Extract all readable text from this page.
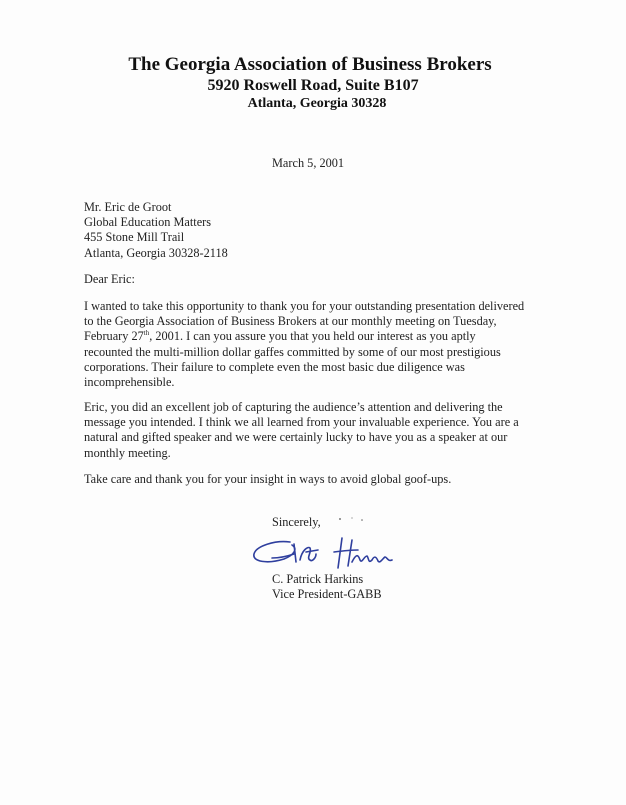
The Georgia Association of Business Brokers
5920 Roswell Road, Suite B107
Atlanta, Georgia 30328
March 5, 2001
Mr. Eric de Groot
Global Education Matters
455 Stone Mill Trail
Atlanta, Georgia 30328-2118
Dear Eric:
I wanted to take this opportunity to thank you for your outstanding presentation delivered
to the Georgia Association of Business Brokers at our monthly meeting on Tuesday,
February 27th, 2001. I can you assure you that you held our interest as you aptly
recounted the multi-million dollar gaffes committed by some of our most prestigious
corporations. Their failure to complete even the most basic due diligence was
incomprehensible.
Eric, you did an excellent job of capturing the audience’s attention and delivering the
message you intended. I think we all learned from your invaluable experience. You are a
natural and gifted speaker and we were certainly lucky to have you as a speaker at our
monthly meeting.
Take care and thank you for your insight in ways to avoid global goof-ups.
Sincerely,
C. Patrick Harkins
Vice President-GABB
